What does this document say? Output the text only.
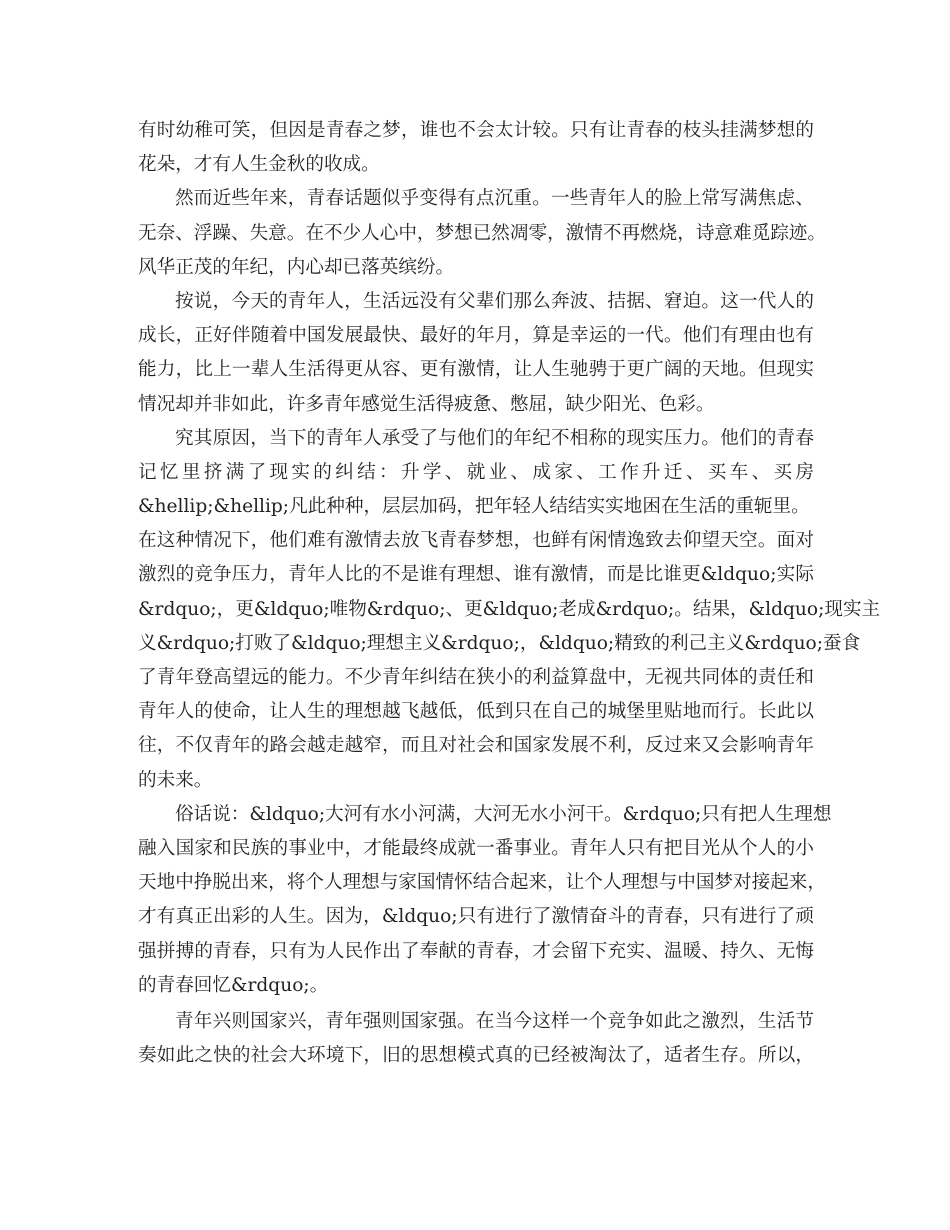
有时幼稚可笑，但因是青春之梦，谁也不会太计较。只有让青春的枝头挂满梦想的
花朵，才有人生金秋的收成。
然而近些年来，青春话题似乎变得有点沉重。一些青年人的脸上常写满焦虑、
无奈、浮躁、失意。在不少人心中，梦想已然凋零，激情不再燃烧，诗意难觅踪迹。
风华正茂的年纪，内心却已落英缤纷。
按说，今天的青年人，生活远没有父辈们那么奔波、拮据、窘迫。这一代人的
成长，正好伴随着中国发展最快、最好的年月，算是幸运的一代。他们有理由也有
能力，比上一辈人生活得更从容、更有激情，让人生驰骋于更广阔的天地。但现实
情况却并非如此，许多青年感觉生活得疲惫、憋屈，缺少阳光、色彩。
究其原因，当下的青年人承受了与他们的年纪不相称的现实压力。他们的青春
记忆里挤满了现实的纠结：升学、就业、成家、工作升迁、买车、买房
&hellip;&hellip;凡此种种，层层加码，把年轻人结结实实地困在生活的重轭里。
在这种情况下，他们难有激情去放飞青春梦想，也鲜有闲情逸致去仰望天空。面对
激烈的竞争压力，青年人比的不是谁有理想、谁有激情，而是比谁更&ldquo;实际
&rdquo;，更&ldquo;唯物&rdquo;、更&ldquo;老成&rdquo;。结果，&ldquo;现实主
义&rdquo;打败了&ldquo;理想主义&rdquo;，&ldquo;精致的利己主义&rdquo;蚕食
了青年登高望远的能力。不少青年纠结在狭小的利益算盘中，无视共同体的责任和
青年人的使命，让人生的理想越飞越低，低到只在自己的城堡里贴地而行。长此以
往，不仅青年的路会越走越窄，而且对社会和国家发展不利，反过来又会影响青年
的未来。
俗话说：&ldquo;大河有水小河满，大河无水小河干。&rdquo;只有把人生理想
融入国家和民族的事业中，才能最终成就一番事业。青年人只有把目光从个人的小
天地中挣脱出来，将个人理想与家国情怀结合起来，让个人理想与中国梦对接起来，
才有真正出彩的人生。因为，&ldquo;只有进行了激情奋斗的青春，只有进行了顽
强拼搏的青春，只有为人民作出了奉献的青春，才会留下充实、温暖、持久、无悔
的青春回忆&rdquo;。
青年兴则国家兴，青年强则国家强。在当今这样一个竞争如此之激烈，生活节
奏如此之快的社会大环境下，旧的思想模式真的已经被淘汰了，适者生存。所以，
